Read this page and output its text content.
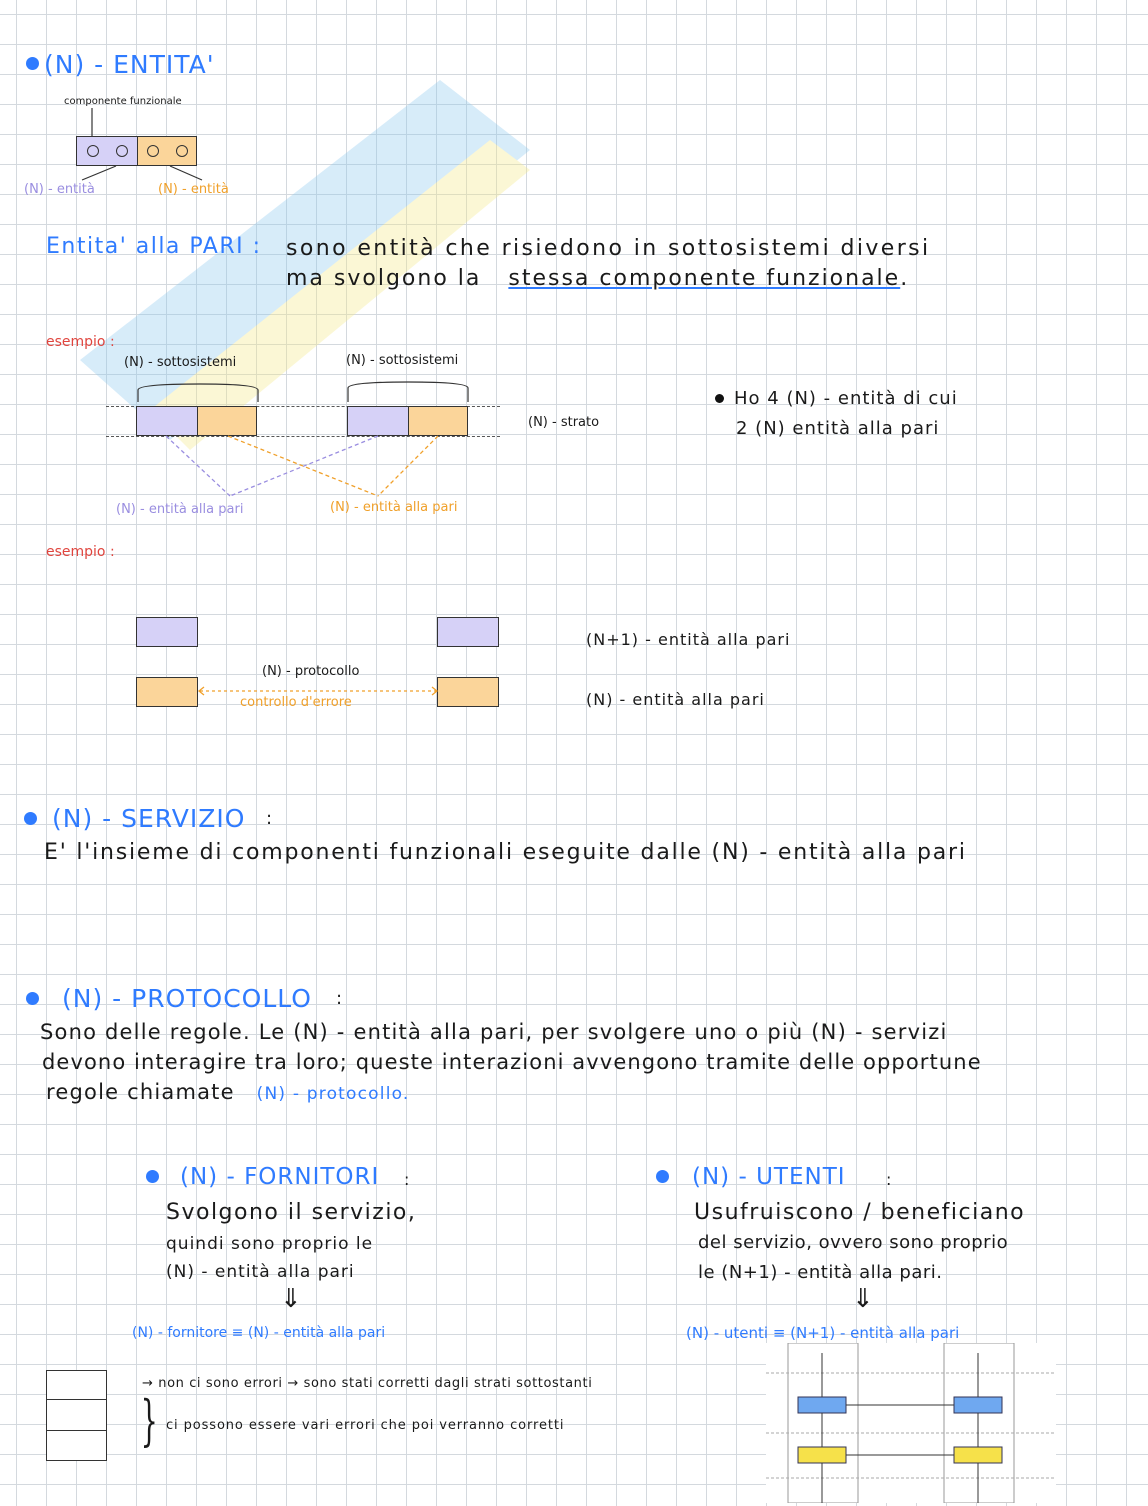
(N) - ENTITA'
componente funzionale
(N) - entità	(N) - entità
Entita' alla PARI : sono entità che risiedono in sottosistemi diversi
ma svolgono la stessa componente funzionale.
esempio :
(N) - sottosistemi	(N) - sottosistemi
(N) - strato
(N) - entità alla pari	(N) - entità alla pari
Ho 4 (N) - entità di cui
2 (N) entità alla pari
esempio :
(N) - protocollo
controllo d'errore
(N+1) - entità alla pari
(N) - entità alla pari
(N) - SERVIZIO :
E' l'insieme di componenti funzionali eseguite dalle (N) - entità alla pari
(N) - PROTOCOLLO :
Sono delle regole. Le (N) - entità alla pari, per svolgere uno o più (N) - servizi
devono interagire tra loro; queste interazioni avvengono tramite delle opportune
regole chiamate (N) - protocollo.
(N) - FORNITORI :
Svolgono il servizio,
quindi sono proprio le
(N) - entità alla pari
⇓
(N) - fornitore ≡ (N) - entità alla pari
(N) - UTENTI	:
Usufruiscono / beneficiano
del servizio, ovvero sono proprio
le (N+1) - entità alla pari.
⇓
(N) - utenti ≡ (N+1) - entità alla pari
→ non ci sono errori → sono stati corretti dagli strati sottostanti
} ci possono essere vari errori che poi verranno corretti
